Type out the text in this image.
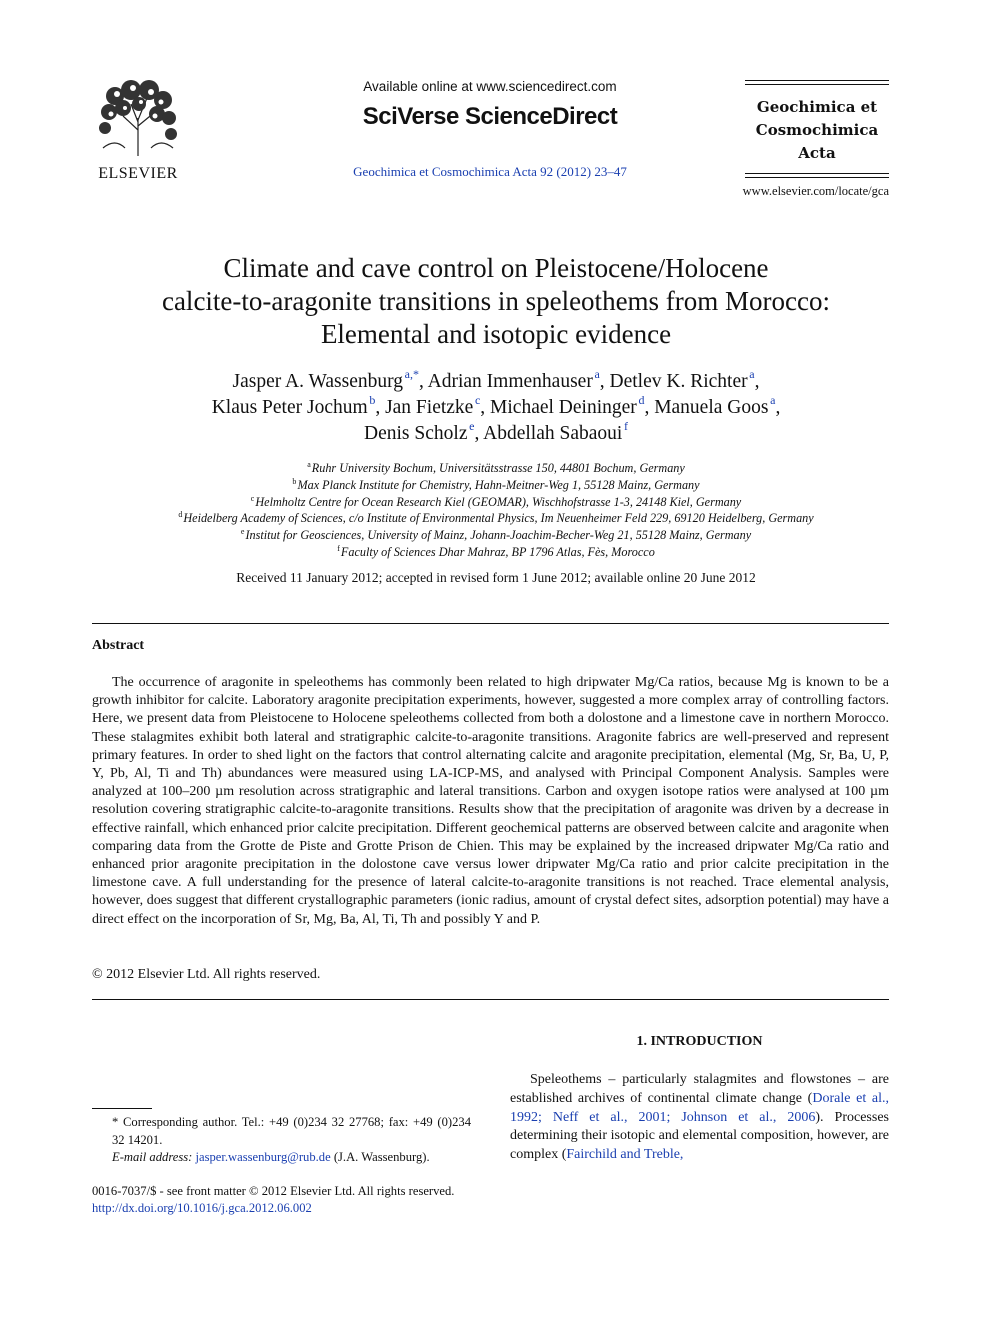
ELSEVIER
Available online at www.sciencedirect.com
SciVerse ScienceDirect
Geochimica et Cosmochimica Acta 92 (2012) 23–47
Geochimica et
Cosmochimica
Acta
www.elsevier.com/locate/gca
Climate and cave control on Pleistocene/Holocene
calcite-to-aragonite transitions in speleothems from Morocco:
Elemental and isotopic evidence
Jasper A. Wassenburg  $^{a,*}$, Adrian Immenhauser  $^a$, Detlev K. Richter  $^a$,
Klaus Peter Jochum  $^b$, Jan Fietzke  $^c$, Michael Deininger  $^d$, Manuela Goos  $^a$,
Denis Scholz  $^e$, Abdellah Sabaoui  $^f$
$^a$ Ruhr University Bochum, Universitätsstrasse 150, 44801 Bochum, Germany
$^b$ Max Planck Institute for Chemistry, Hahn-Meitner-Weg 1, 55128 Mainz, Germany
$^c$ Helmholtz Centre for Ocean Research Kiel (GEOMAR), Wischhofstrasse 1-3, 24148 Kiel, Germany
$^d$ Heidelberg Academy of Sciences, c/o Institute of Environmental Physics, Im Neuenheimer Feld 229, 69120 Heidelberg, Germany
$^e$ Institut for Geosciences, University of Mainz, Johann-Joachim-Becher-Weg 21, 55128 Mainz, Germany
$^f$ Faculty of Sciences Dhar Mahraz, BP 1796 Atlas, Fès, Morocco
Received 11 January 2012; accepted in revised form 1 June 2012; available online 20 June 2012
Abstract
The occurrence of aragonite in speleothems has commonly been related to high dripwater Mg/Ca ratios, because Mg is known to be a growth inhibitor for calcite. Laboratory aragonite precipitation experiments, however, suggested a more complex array of controlling factors. Here, we present data from Pleistocene to Holocene speleothems collected from both a dolostone and a limestone cave in northern Morocco. These stalagmites exhibit both lateral and stratigraphic calcite-to-aragonite transitions. Aragonite fabrics are well-preserved and represent primary features. In order to shed light on the factors that control alternating calcite and aragonite precipitation, elemental (Mg, Sr, Ba, U, P, Y, Pb, Al, Ti and Th) abundances were measured using LA-ICP-MS, and analysed with Principal Component Analysis. Samples were analyzed at 100–200 µm resolution across stratigraphic and lateral transitions. Carbon and oxygen isotope ratios were analysed at 100 µm resolution covering stratigraphic calcite-to-aragonite transitions. Results show that the precipitation of aragonite was driven by a decrease in effective rainfall, which enhanced prior calcite precipitation. Different geochemical patterns are observed between calcite and aragonite when comparing data from the Grotte de Piste and Grotte Prison de Chien. This may be explained by the increased dripwater Mg/Ca ratio and enhanced prior aragonite precipitation in the dolostone cave versus lower dripwater Mg/Ca ratio and prior calcite precipitation in the limestone cave. A full understanding for the presence of lateral calcite-to-aragonite transitions is not reached. Trace elemental analysis, however, does suggest that different crystallographic parameters (ionic radius, amount of crystal defect sites, adsorption potential) may have a direct effect on the incorporation of Sr, Mg, Ba, Al, Ti, Th and possibly Y and P.
© 2012 Elsevier Ltd. All rights reserved.
1. INTRODUCTION
Speleothems – particularly stalagmites and flowstones – are established archives of continental climate change (Dorale et al., 1992; Neff et al., 2001; Johnson et al., 2006). Processes determining their isotopic and elemental composition, however, are complex (Fairchild and Treble,
* Corresponding author. Tel.: +49 (0)234 32 27768; fax: +49 (0)234 32 14201.
E-mail address: jasper.wassenburg@rub.de (J.A. Wassenburg).
0016-7037/$ - see front matter © 2012 Elsevier Ltd. All rights reserved.
http://dx.doi.org/10.1016/j.gca.2012.06.002
